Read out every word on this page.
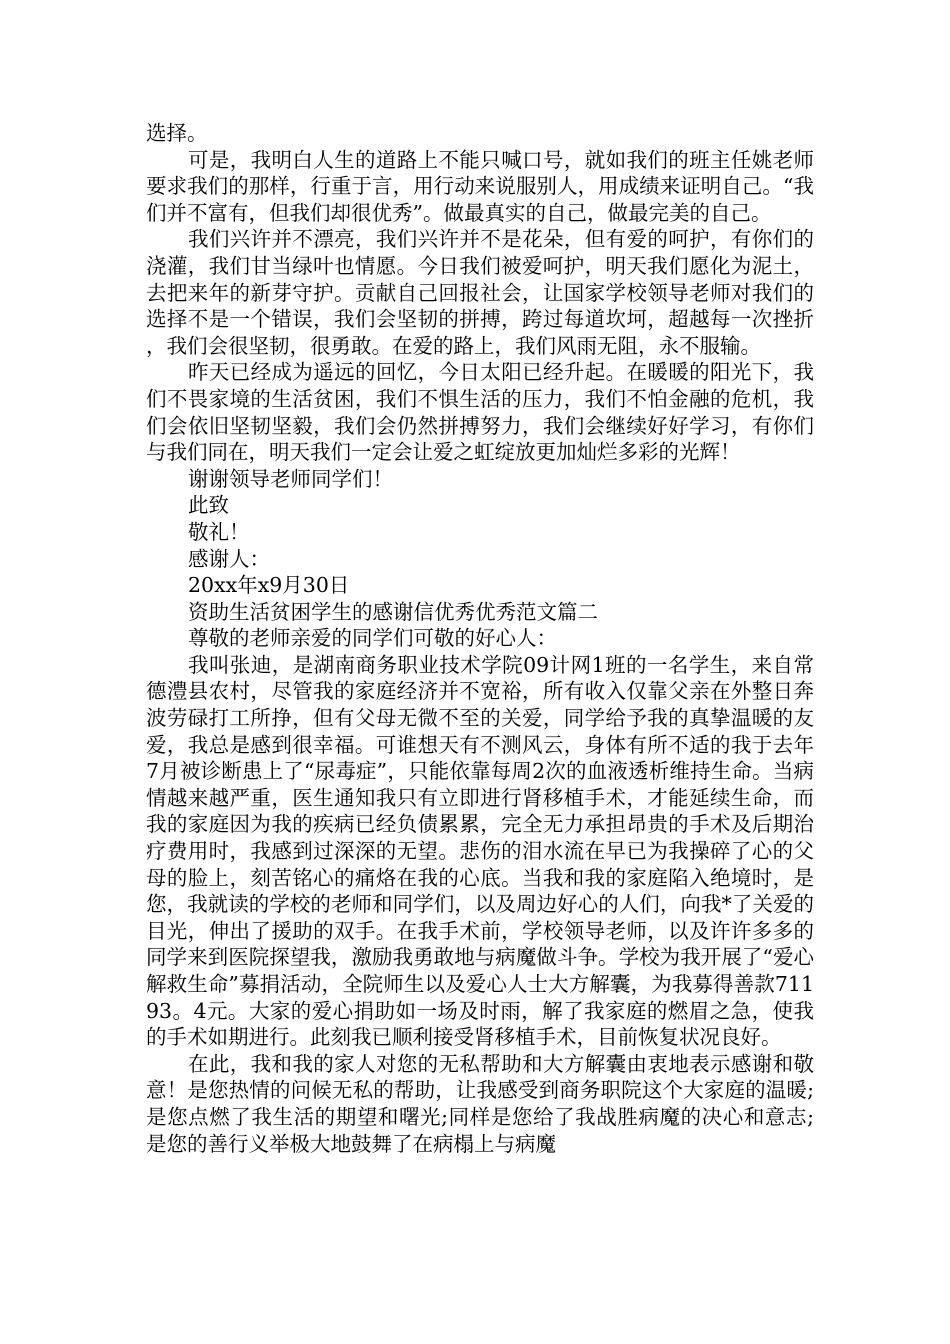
选择。

可是，我明白人生的道路上不能只喊口号，就如我们的班主任姚老师要求我们的那样，行重于言，用行动来说服别人，用成绩来证明自己。“我们并不富有，但我们却很优秀”。做最真实的自己，做最完美的自己。

我们兴许并不漂亮，我们兴许并不是花朵，但有爱的呵护，有你们的浇灌，我们甘当绿叶也情愿。今日我们被爱呵护，明天我们愿化为泥土，去把来年的新芽守护。贡献自己回报社会，让国家学校领导老师对我们的选择不是一个错误，我们会坚韧的拼搏，跨过每道坎坷，超越每一次挫折，我们会很坚韧，很勇敢。在爱的路上，我们风雨无阻，永不服输。

昨天已经成为遥远的回忆，今日太阳已经升起。在暖暖的阳光下，我们不畏家境的生活贫困，我们不惧生活的压力，我们不怕金融的危机，我们会依旧坚韧坚毅，我们会仍然拼搏努力，我们会继续好好学习，有你们与我们同在，明天我们一定会让爱之虹绽放更加灿烂多彩的光辉！

谢谢领导老师同学们！

此致

敬礼！

感谢人：

20xx年x9月30日

资助生活贫困学生的感谢信优秀优秀范文篇二

尊敬的老师亲爱的同学们可敬的好心人：

我叫张迪，是湖南商务职业技术学院09计网1班的一名学生，来自常德澧县农村，尽管我的家庭经济并不宽裕，所有收入仅靠父亲在外整日奔波劳碌打工所挣，但有父母无微不至的关爱，同学给予我的真挚温暖的友爱，我总是感到很幸福。可谁想天有不测风云，身体有所不适的我于去年7月被诊断患上了“尿毒症”，只能依靠每周2次的血液透析维持生命。当病情越来越严重，医生通知我只有立即进行肾移植手术，才能延续生命，而我的家庭因为我的疾病已经负债累累，完全无力承担昂贵的手术及后期治疗费用时，我感到过深深的无望。悲伤的泪水流在早已为我操碎了心的父母的脸上，刻苦铭心的痛烙在我的心底。当我和我的家庭陷入绝境时，是您，我就读的学校的老师和同学们，以及周边好心的人们，向我*了关爱的目光，伸出了援助的双手。在我手术前，学校领导老师，以及许许多多的同学来到医院探望我，激励我勇敢地与病魔做斗争。学校为我开展了“爱心解救生命”募捐活动，全院师生以及爱心人士大方解囊，为我募得善款71193。4元。大家的爱心捐助如一场及时雨，解了我家庭的燃眉之急，使我的手术如期进行。此刻我已顺利接受肾移植手术，目前恢复状况良好。

在此，我和我的家人对您的无私帮助和大方解囊由衷地表示感谢和敬意！是您热情的问候无私的帮助，让我感受到商务职院这个大家庭的温暖;是您点燃了我生活的期望和曙光;同样是您给了我战胜病魔的决心和意志;是您的善行义举极大地鼓舞了在病榻上与病魔
